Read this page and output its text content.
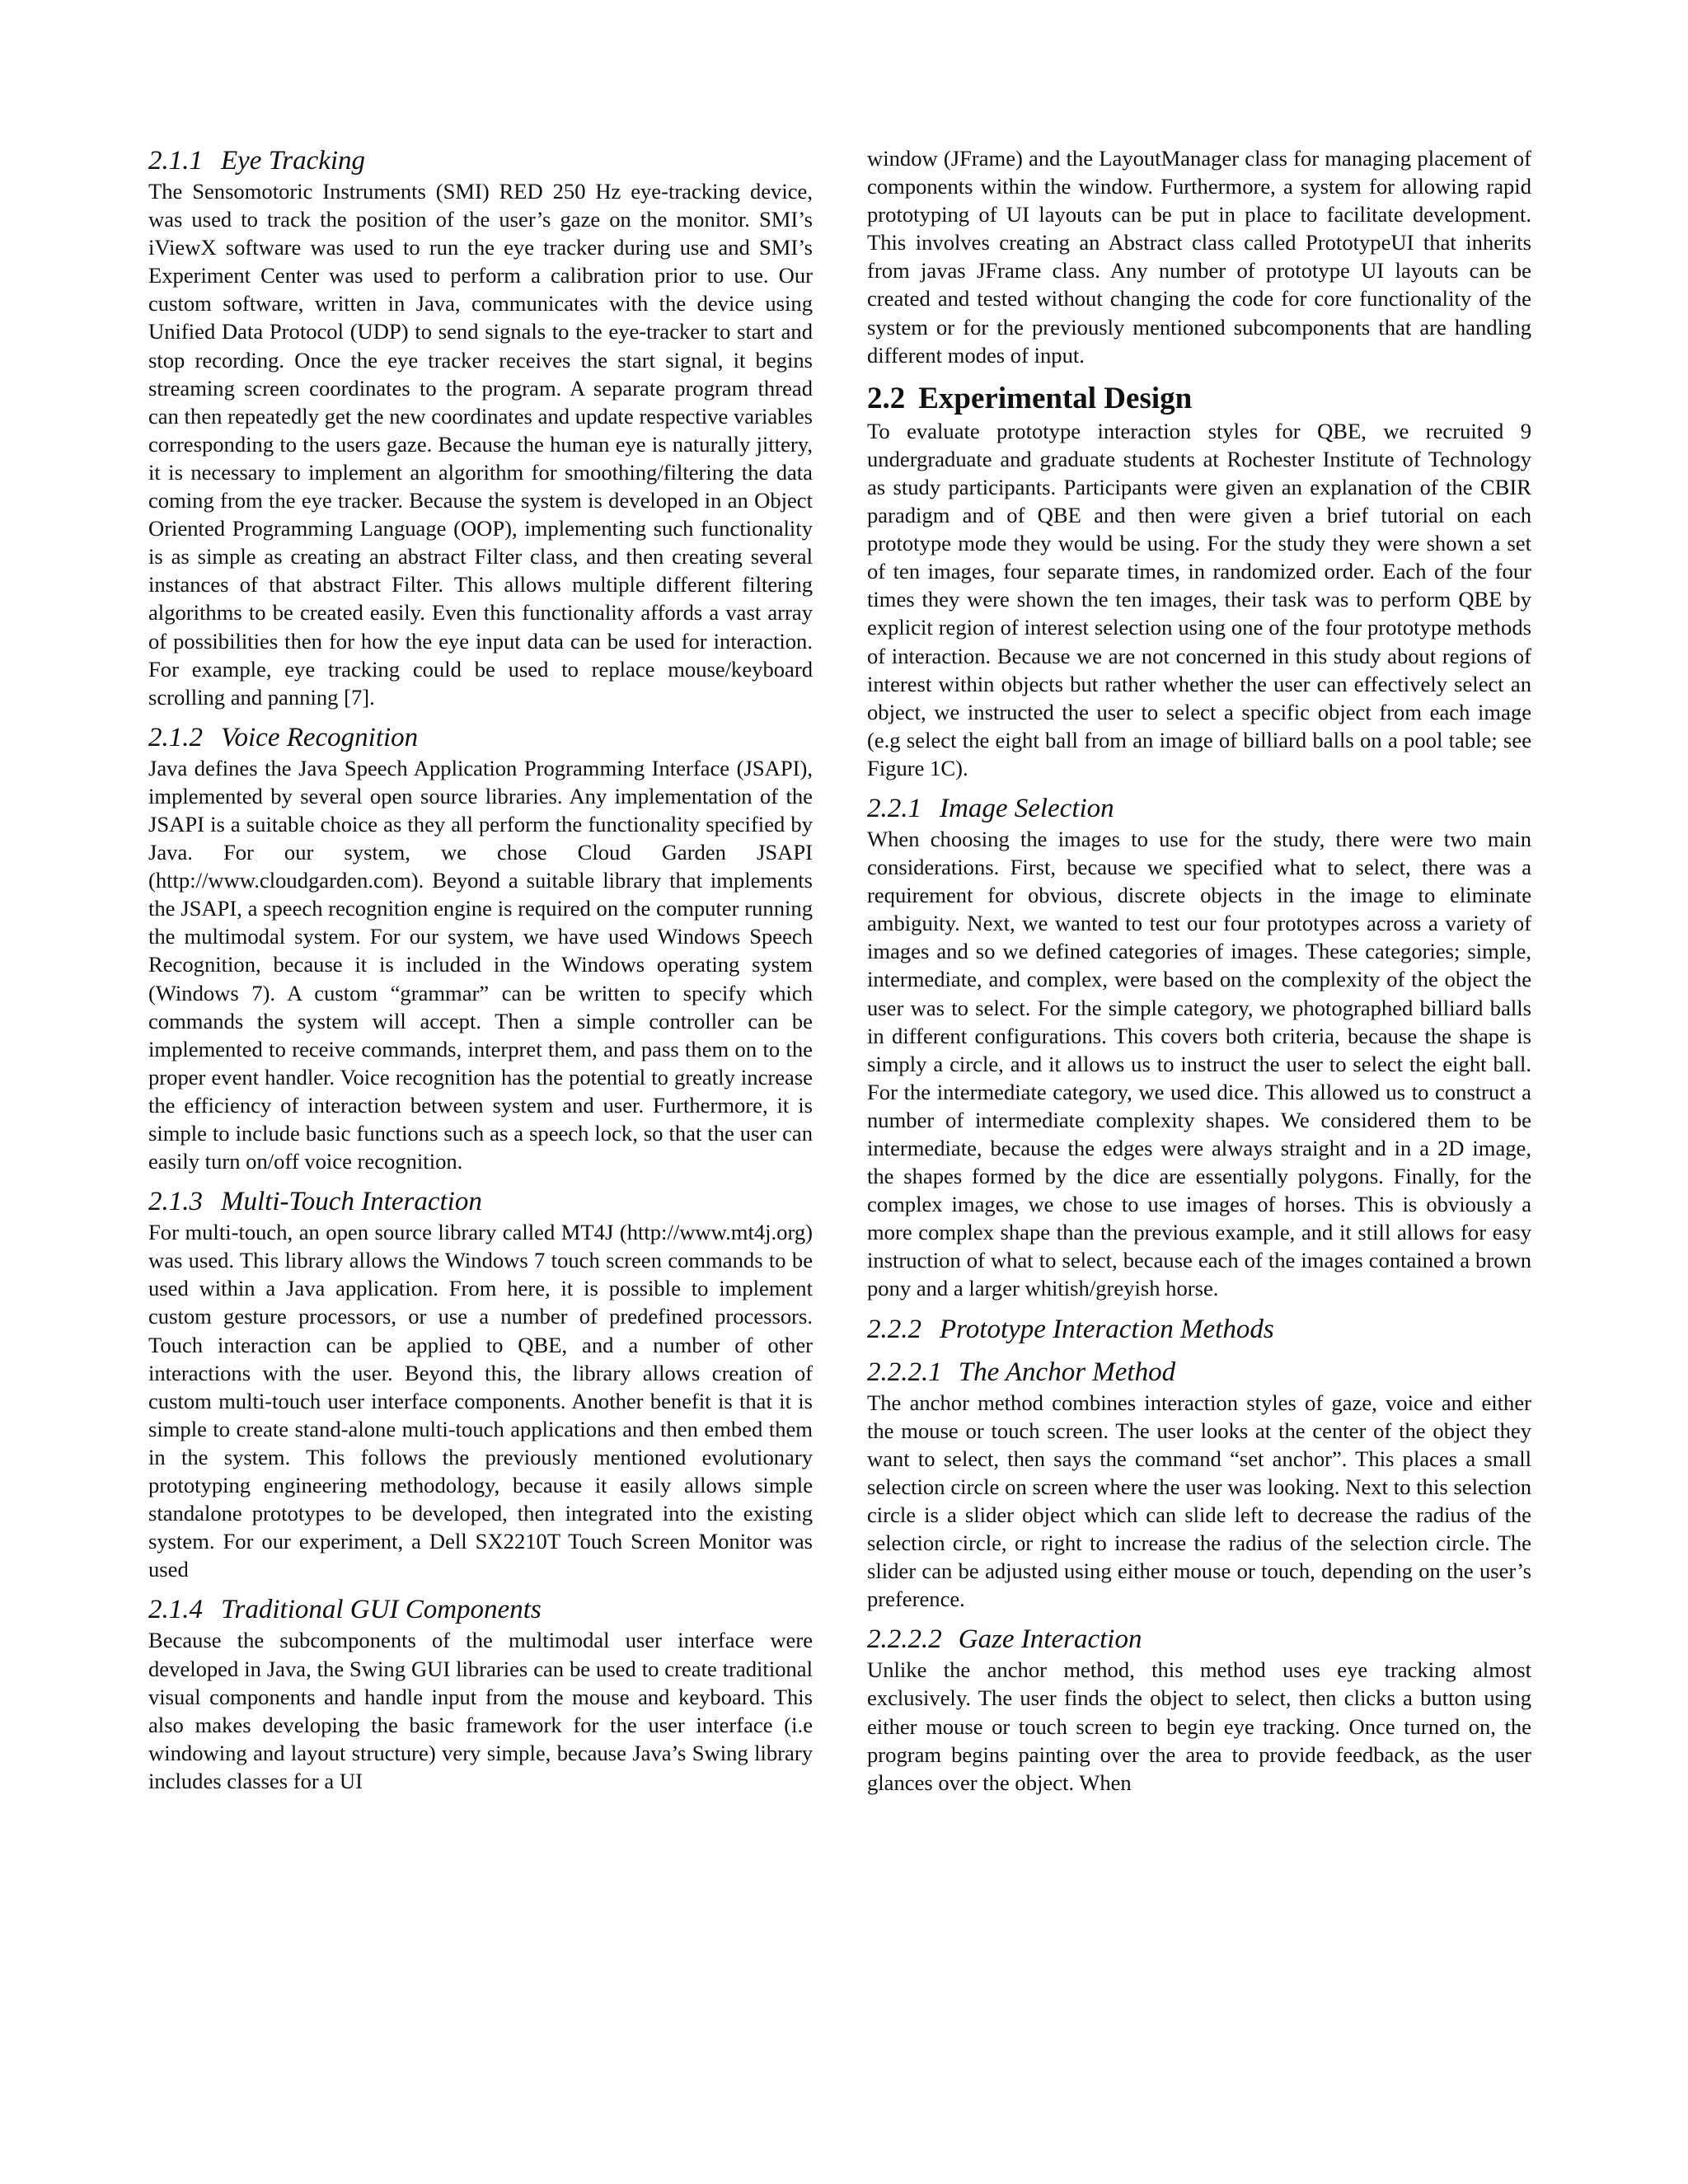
2.1.1 Eye Tracking

The Sensomotoric Instruments (SMI) RED 250 Hz eye-tracking device, was used to track the position of the user’s gaze on the monitor. SMI’s iViewX software was used to run the eye tracker during use and SMI’s Experiment Center was used to perform a calibration prior to use. Our custom software, written in Java, communicates with the device using Unified Data Protocol (UDP) to send signals to the eye-tracker to start and stop recording. Once the eye tracker receives the start signal, it begins streaming screen coordinates to the program. A separate program thread can then repeatedly get the new coordinates and update respective variables corresponding to the users gaze. Because the human eye is naturally jittery, it is necessary to implement an algorithm for smoothing/filtering the data coming from the eye tracker. Because the system is developed in an Object Oriented Programming Language (OOP), implementing such functionality is as simple as creating an abstract Filter class, and then creating several instances of that abstract Filter. This allows multiple different filtering algorithms to be created easily. Even this functionality affords a vast array of possibilities then for how the eye input data can be used for interaction. For example, eye tracking could be used to replace mouse/keyboard scrolling and panning [7].

2.1.2 Voice Recognition

Java defines the Java Speech Application Programming Interface (JSAPI), implemented by several open source libraries. Any implementation of the JSAPI is a suitable choice as they all perform the functionality specified by Java. For our system, we chose Cloud Garden JSAPI (http://www.cloudgarden.com). Beyond a suitable library that implements the JSAPI, a speech recognition engine is required on the computer running the multimodal system. For our system, we have used Windows Speech Recognition, because it is included in the Windows operating system (Windows 7). A custom “grammar” can be written to specify which commands the system will accept. Then a simple controller can be implemented to receive commands, interpret them, and pass them on to the proper event handler. Voice recognition has the potential to greatly increase the efficiency of interaction between system and user. Furthermore, it is simple to include basic functions such as a speech lock, so that the user can easily turn on/off voice recognition.

2.1.3 Multi-Touch Interaction

For multi-touch, an open source library called MT4J (http://www.mt4j.org) was used. This library allows the Windows 7 touch screen commands to be used within a Java application. From here, it is possible to implement custom gesture processors, or use a number of predefined processors. Touch interaction can be applied to QBE, and a number of other interactions with the user. Beyond this, the library allows creation of custom multi-touch user interface components. Another benefit is that it is simple to create stand-alone multi-touch applications and then embed them in the system. This follows the previously mentioned evolutionary prototyping engineering methodology, because it easily allows simple standalone prototypes to be developed, then integrated into the existing system. For our experiment, a Dell SX2210T Touch Screen Monitor was used

2.1.4 Traditional GUI Components

Because the subcomponents of the multimodal user interface were developed in Java, the Swing GUI libraries can be used to create traditional visual components and handle input from the mouse and keyboard. This also makes developing the basic framework for the user interface (i.e windowing and layout structure) very simple, because Java’s Swing library includes classes for a UI

window (JFrame) and the LayoutManager class for managing placement of components within the window. Furthermore, a system for allowing rapid prototyping of UI layouts can be put in place to facilitate development. This involves creating an Abstract class called PrototypeUI that inherits from javas JFrame class. Any number of prototype UI layouts can be created and tested without changing the code for core functionality of the system or for the previously mentioned subcomponents that are handling different modes of input.

2.2 Experimental Design

To evaluate prototype interaction styles for QBE, we recruited 9 undergraduate and graduate students at Rochester Institute of Technology as study participants. Participants were given an explanation of the CBIR paradigm and of QBE and then were given a brief tutorial on each prototype mode they would be using. For the study they were shown a set of ten images, four separate times, in randomized order. Each of the four times they were shown the ten images, their task was to perform QBE by explicit region of interest selection using one of the four prototype methods of interaction. Because we are not concerned in this study about regions of interest within objects but rather whether the user can effectively select an object, we instructed the user to select a specific object from each image (e.g select the eight ball from an image of billiard balls on a pool table; see Figure 1C).

2.2.1 Image Selection

When choosing the images to use for the study, there were two main considerations. First, because we specified what to select, there was a requirement for obvious, discrete objects in the image to eliminate ambiguity. Next, we wanted to test our four prototypes across a variety of images and so we defined categories of images. These categories; simple, intermediate, and complex, were based on the complexity of the object the user was to select. For the simple category, we photographed billiard balls in different configurations. This covers both criteria, because the shape is simply a circle, and it allows us to instruct the user to select the eight ball. For the intermediate category, we used dice. This allowed us to construct a number of intermediate complexity shapes. We considered them to be intermediate, because the edges were always straight and in a 2D image, the shapes formed by the dice are essentially polygons. Finally, for the complex images, we chose to use images of horses. This is obviously a more complex shape than the previous example, and it still allows for easy instruction of what to select, because each of the images contained a brown pony and a larger whitish/greyish horse.

2.2.2 Prototype Interaction Methods
2.2.2.1 The Anchor Method

The anchor method combines interaction styles of gaze, voice and either the mouse or touch screen. The user looks at the center of the object they want to select, then says the command “set anchor”. This places a small selection circle on screen where the user was looking. Next to this selection circle is a slider object which can slide left to decrease the radius of the selection circle, or right to increase the radius of the selection circle. The slider can be adjusted using either mouse or touch, depending on the user’s preference.

2.2.2.2 Gaze Interaction

Unlike the anchor method, this method uses eye tracking almost exclusively. The user finds the object to select, then clicks a button using either mouse or touch screen to begin eye tracking. Once turned on, the program begins painting over the area to provide feedback, as the user glances over the object. When
